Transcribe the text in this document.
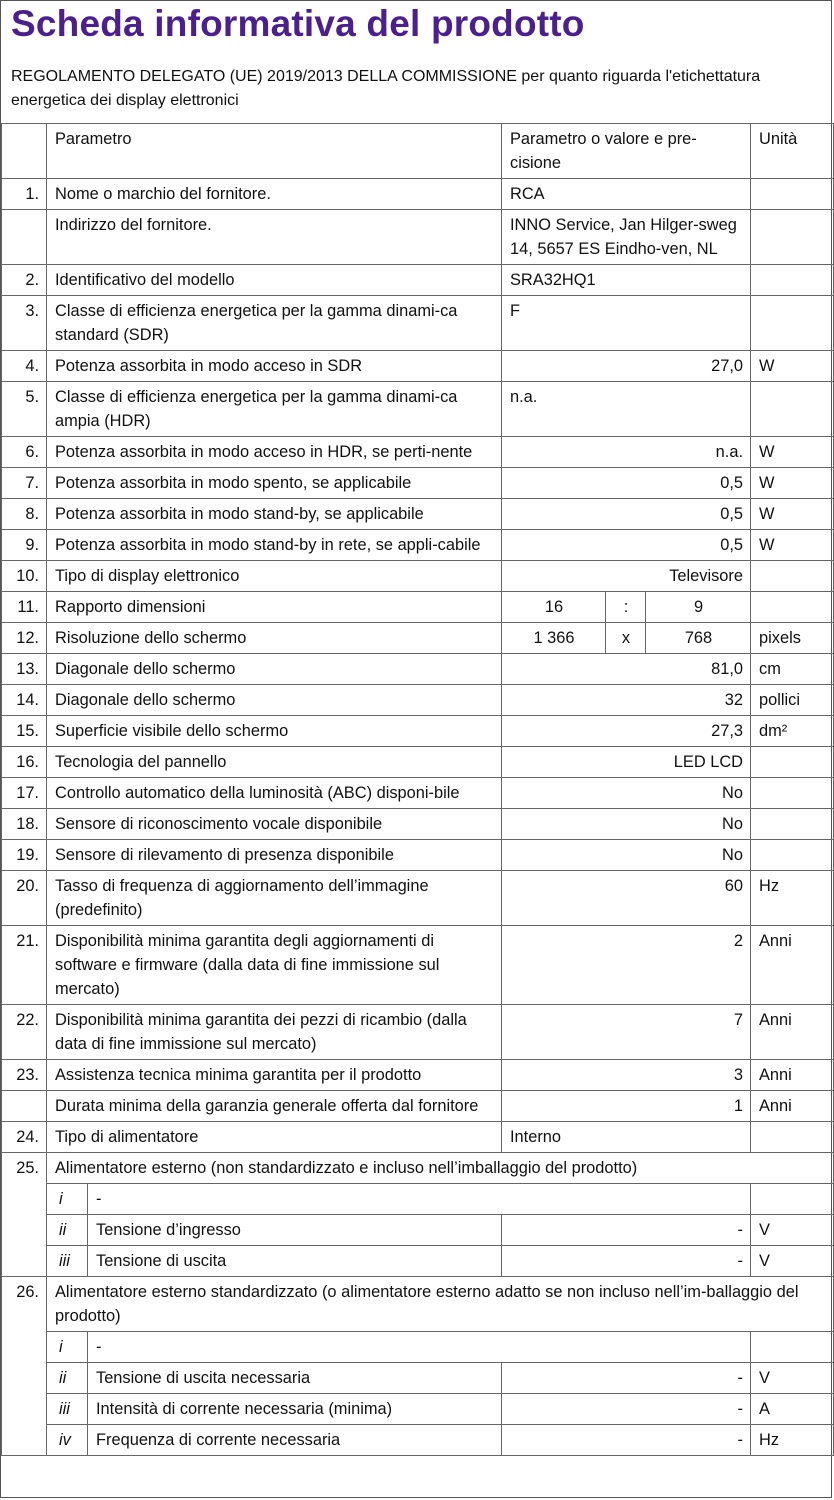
Scheda informativa del prodotto
REGOLAMENTO DELEGATO (UE) 2019/2013 DELLA COMMISSIONE per quanto riguarda l'etichettatura energetica dei display elettronici
	Parametro		Parametro o valore e pre-cisione			Unità
1.	Nome o marchio del fornitore.		RCA			
	Indirizzo del fornitore.		INNO Service, Jan Hilger-sweg 14, 5657 ES Eindho-ven, NL			
2.	Identificativo del modello		SRA32HQ1			
3.	Classe di efficienza energetica per la gamma dinami-ca standard (SDR)		F			
4.	Potenza assorbita in modo acceso in SDR		27,0			W
5.	Classe di efficienza energetica per la gamma dinami-ca ampia (HDR)		n.a.			
6.	Potenza assorbita in modo acceso in HDR, se perti-nente		n.a.			W
7.	Potenza assorbita in modo spento, se applicabile		0,5			W
8.	Potenza assorbita in modo stand-by, se applicabile		0,5			W
9.	Potenza assorbita in modo stand-by in rete, se appli-cabile		0,5			W
10.	Tipo di display elettronico		Televisore			
11.	Rapporto dimensioni		16	:	9	
12.	Risoluzione dello schermo		1 366	x	768	pixels
13.	Diagonale dello schermo		81,0			cm
14.	Diagonale dello schermo		32			pollici
15.	Superficie visibile dello schermo		27,3			dm²
16.	Tecnologia del pannello		LED LCD			
17.	Controllo automatico della luminosità (ABC) disponi-bile		No			
18.	Sensore di riconoscimento vocale disponibile		No			
19.	Sensore di rilevamento di presenza disponibile		No			
20.	Tasso di frequenza di aggiornamento dell’immagine (predefinito)		60			Hz
21.	Disponibilità minima garantita degli aggiornamenti di software e firmware (dalla data di fine immissione sul mercato)		2			Anni
22.	Disponibilità minima garantita dei pezzi di ricambio (dalla data di fine immissione sul mercato)		7			Anni
23.	Assistenza tecnica minima garantita per il prodotto		3			Anni
	Durata minima della garanzia generale offerta dal fornitore		1			Anni
24.	Tipo di alimentatore		Interno			
25.	Alimentatore esterno (non standardizzato e incluso nell’imballaggio del prodotto)					
	i	-				
	ii	Tensione d’ingresso	-			V
	iii	Tensione di uscita	-			V
26.	Alimentatore esterno standardizzato (o alimentatore esterno adatto se non incluso nell’im-ballaggio del prodotto)					
	i	-				
	ii	Tensione di uscita necessaria	-			V
	iii	Intensità di corrente necessaria (minima)	-			A
	iv	Frequenza di corrente necessaria	-			Hz
